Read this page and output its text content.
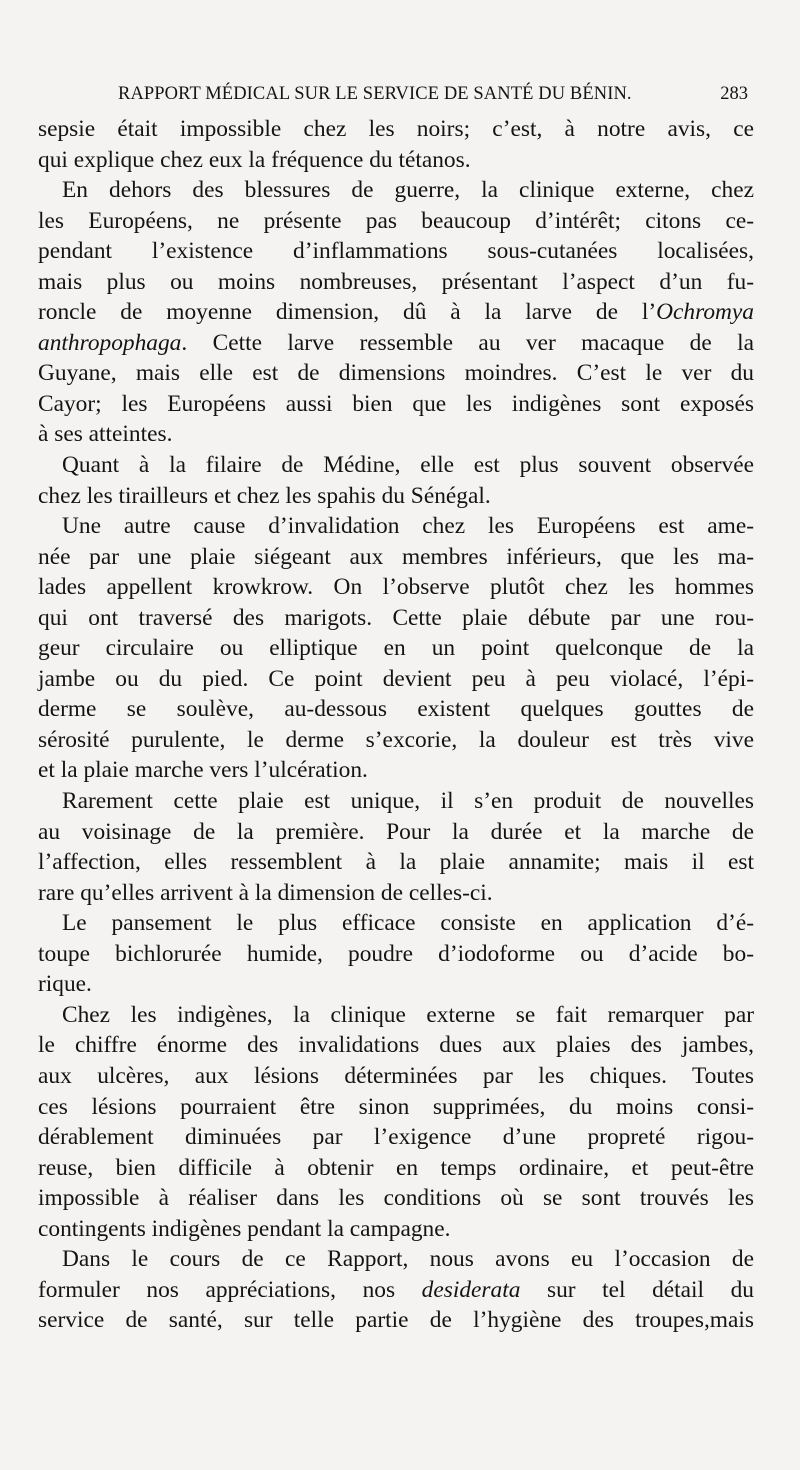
RAPPORT MÉDICAL SUR LE SERVICE DE SANTÉ DU BÉNIN.	283
sepsie était impossible chez les noirs; c’est, à notre avis, ce
qui explique chez eux la fréquence du tétanos.
En dehors des blessures de guerre, la clinique externe, chez
les Européens, ne présente pas beaucoup d’intérêt; citons ce-
pendant l’existence d’inflammations sous-cutanées localisées,
mais plus ou moins nombreuses, présentant l’aspect d’un fu-
roncle de moyenne dimension, dû à la larve de l’Ochromya
anthropophaga. Cette larve ressemble au ver macaque de la
Guyane, mais elle est de dimensions moindres. C’est le ver du
Cayor; les Européens aussi bien que les indigènes sont exposés
à ses atteintes.
Quant à la filaire de Médine, elle est plus souvent observée
chez les tirailleurs et chez les spahis du Sénégal.
Une autre cause d’invalidation chez les Européens est ame-
née par une plaie siégeant aux membres inférieurs, que les ma-
lades appellent krowkrow. On l’observe plutôt chez les hommes
qui ont traversé des marigots. Cette plaie débute par une rou-
geur circulaire ou elliptique en un point quelconque de la
jambe ou du pied. Ce point devient peu à peu violacé, l’épi-
derme se soulève, au-dessous existent quelques gouttes de
sérosité purulente, le derme s’excorie, la douleur est très vive
et la plaie marche vers l’ulcération.
Rarement cette plaie est unique, il s’en produit de nouvelles
au voisinage de la première. Pour la durée et la marche de
l’affection, elles ressemblent à la plaie annamite; mais il est
rare qu’elles arrivent à la dimension de celles-ci.
Le pansement le plus efficace consiste en application d’é-
toupe bichlorurée humide, poudre d’iodoforme ou d’acide bo-
rique.
Chez les indigènes, la clinique externe se fait remarquer par
le chiffre énorme des invalidations dues aux plaies des jambes,
aux ulcères, aux lésions déterminées par les chiques. Toutes
ces lésions pourraient être sinon supprimées, du moins consi-
dérablement diminuées par l’exigence d’une propreté rigou-
reuse, bien difficile à obtenir en temps ordinaire, et peut-être
impossible à réaliser dans les conditions où se sont trouvés les
contingents indigènes pendant la campagne.
Dans le cours de ce Rapport, nous avons eu l’occasion de
formuler nos appréciations, nos desiderata sur tel détail du
service de santé, sur telle partie de l’hygiène des troupes,mais
